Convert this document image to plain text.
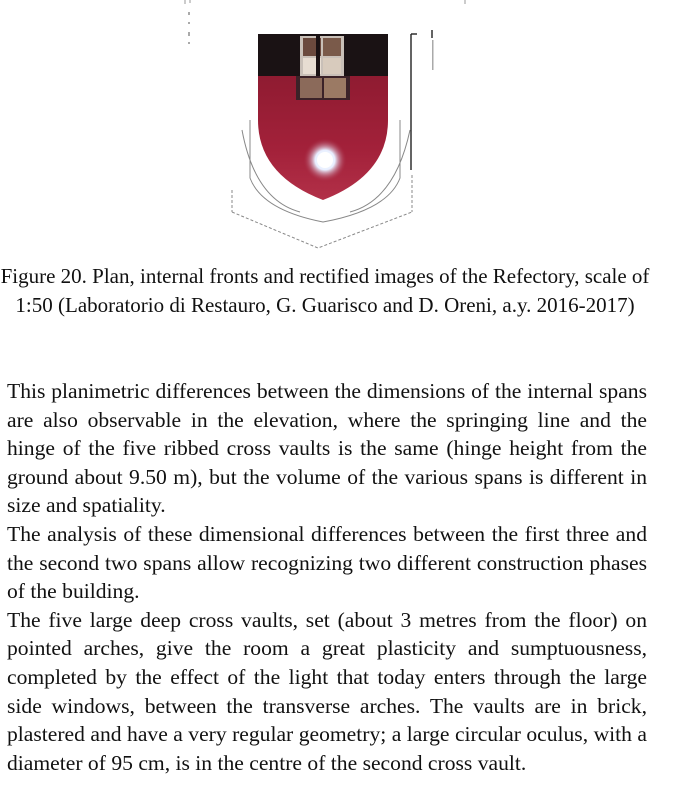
Figure 20. Plan, internal fronts and rectified images of the Refectory, scale of 1:50 (Laboratorio di Restauro, G. Guarisco and D. Oreni, a.y. 2016-2017)

This planimetric differences between the dimensions of the internal spans are also observable in the elevation, where the springing line and the hinge of the five ribbed cross vaults is the same (hinge height from the ground about 9.50 m), but the volume of the various spans is different in size and spatiality.

The analysis of these dimensional differences between the first three and the second two spans allow recognizing two different construction phases of the building.

The five large deep cross vaults, set (about 3 metres from the floor) on pointed arches, give the room a great plasticity and sumptuousness, completed by the effect of the light that today enters through the large side windows, between the transverse arches. The vaults are in brick, plastered and have a very regular geometry; a large circular oculus, with a diameter of 95 cm, is in the centre of the second cross vault.
